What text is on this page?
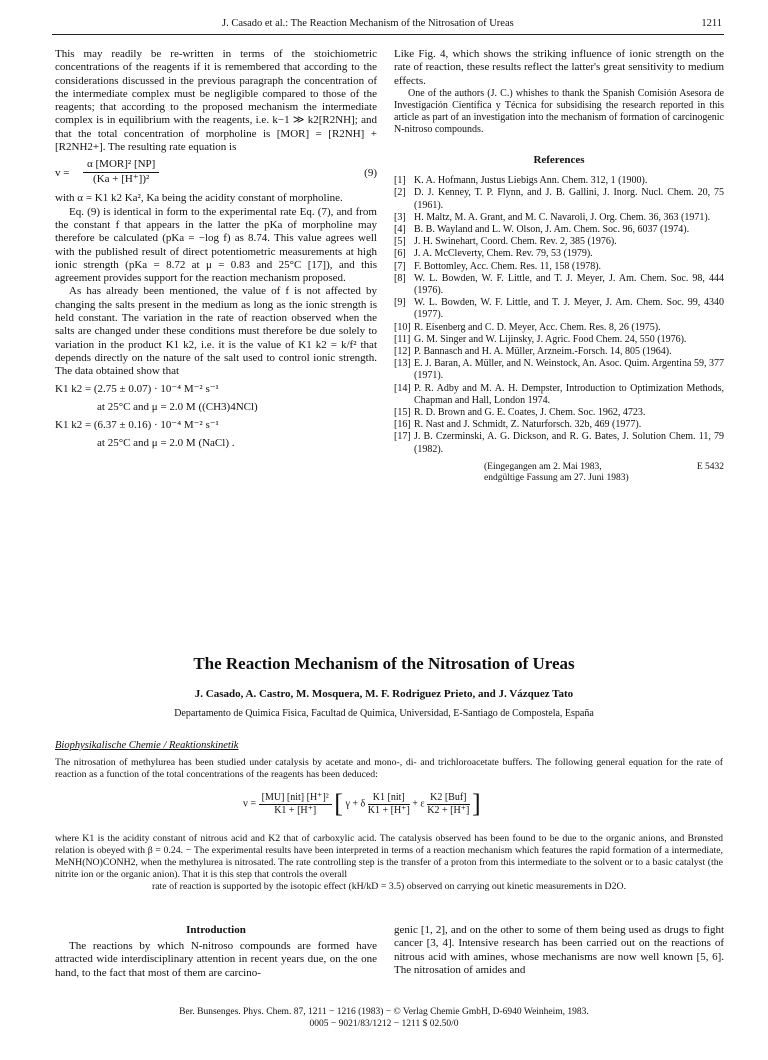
J. Casado et al.: The Reaction Mechanism of the Nitrosation of Ureas	1211

This may readily be re-written in terms of the stoichiometric concentrations of the reagents if it is remembered that according to the considerations discussed in the previous paragraph the concentration of the intermediate complex must be negligible compared to those of the reagents; that according to the proposed mechanism the intermediate complex is in equilibrium with the reagents, i.e. k−1 ≫ k2[R2NH]; and that the total concentration of morpholine is [MOR] = [R2NH] + [R2NH2+]. The resulting rate equation is

v =
α [MOR]² [NP]
(Ka + [H⁺])²	(9)

with α = K1 k2 Ka², Ka being the acidity constant of morpholine.

Eq. (9) is identical in form to the experimental rate Eq. (7), and from the constant f that appears in the latter the pKa of morpholine may therefore be calculated (pKa = −log f) as 8.74. This value agrees well with the published result of direct potentiometric measurements at high ionic strength (pKa = 8.72 at μ = 0.83 and 25°C [17]), and this agreement provides support for the reaction mechanism proposed.

As has already been mentioned, the value of f is not affected by changing the salts present in the medium as long as the ionic strength is held constant. The variation in the rate of reaction observed when the salts are changed under these conditions must therefore be due solely to variation in the product K1 k2, i.e. it is the value of K1 k2 = k/f² that depends directly on the nature of the salt used to control ionic strength. The data obtained show that

K1 k2 = (2.75 ± 0.07) · 10⁻⁴ M⁻² s⁻¹
at 25°C and μ = 2.0 M ((CH3)4NCl)
K1 k2 = (6.37 ± 0.16) · 10⁻⁴ M⁻² s⁻¹
at 25°C and μ = 2.0 M (NaCl) .

Like Fig. 4, which shows the striking influence of ionic strength on the rate of reaction, these results reflect the latter's great sensitivity to medium effects.

One of the authors (J. C.) whishes to thank the Spanish Comisión Asesora de Investigación Científica y Técnica for subsidising the research reported in this article as part of an investigation into the mechanism of formation of carcinogenic N-nitroso compounds.

References
[1] K. A. Hofmann, Justus Liebigs Ann. Chem. 312, 1 (1900).
[2] D. J. Kenney, T. P. Flynn, and J. B. Gallini, J. Inorg. Nucl. Chem. 20, 75 (1961).
[3] H. Maltz, M. A. Grant, and M. C. Navaroli, J. Org. Chem. 36, 363 (1971).
[4] B. B. Wayland and L. W. Olson, J. Am. Chem. Soc. 96, 6037 (1974).
[5] J. H. Swinehart, Coord. Chem. Rev. 2, 385 (1976).
[6] J. A. McCleverty, Chem. Rev. 79, 53 (1979).
[7] F. Bottomley, Acc. Chem. Res. 11, 158 (1978).
[8] W. L. Bowden, W. F. Little, and T. J. Meyer, J. Am. Chem. Soc. 98, 444 (1976).
[9] W. L. Bowden, W. F. Little, and T. J. Meyer, J. Am. Chem. Soc. 99, 4340 (1977).
[10] R. Eisenberg and C. D. Meyer, Acc. Chem. Res. 8, 26 (1975).
[11] G. M. Singer and W. Lijinsky, J. Agric. Food Chem. 24, 550 (1976).
[12] P. Bannasch and H. A. Müller, Arzneim.-Forsch. 14, 805 (1964).
[13] E. J. Baran, A. Müller, and N. Weinstock, An. Asoc. Quim. Argentina 59, 377 (1971).
[14] P. R. Adby and M. A. H. Dempster, Introduction to Optimization Methods, Chapman and Hall, London 1974.
[15] R. D. Brown and G. E. Coates, J. Chem. Soc. 1962, 4723.
[16] R. Nast and J. Schmidt, Z. Naturforsch. 32b, 469 (1977).
[17] J. B. Czerminski, A. G. Dickson, and R. G. Bates, J. Solution Chem. 11, 79 (1982).
(Eingegangen am 2. Mai 1983,
endgültige Fassung am 27. Juni 1983)
E 5432
The Reaction Mechanism of the Nitrosation of Ureas
J. Casado, A. Castro, M. Mosquera, M. F. Rodriguez Prieto, and J. Vázquez Tato
Departamento de Quimica Fisica, Facultad de Quimica, Universidad, E-Santiago de Compostela, España
Biophysikalische Chemie / Reaktionskinetik

The nitrosation of methylurea has been studied under catalysis by acetate and mono-, di- and trichloroacetate buffers. The following general equation for the rate of reaction as a function of the total concentrations of the reagents has been deduced:

v =
[MU] [nit] [H⁺]²
K1 + [H⁺] [ γ + δ
K1 [nit]
K1 + [H⁺]
+ ε
K2 [Buf]
K2 + [H⁺] ]

where K1 is the acidity constant of nitrous acid and K2 that of carboxylic acid. The catalysis observed has been found to be due to the organic anions, and Brønsted relation is obeyed with β = 0.24. − The experimental results have been interpreted in terms of a reaction mechanism which features the rapid formation of a intermediate, MeNH(NO)CONH2, when the methylurea is nitrosated. The rate controlling step is the transfer of a proton from this intermediate to the solvent or to a basic catalyst (the nitrite ion or the organic anion). That it is this step that controls the overall
rate of reaction is supported by the isotopic effect (kH/kD = 3.5) observed on carrying out kinetic measurements in D2O.

Introduction
The reactions by which N-nitroso compounds are formed have attracted wide interdisciplinary attention in recent years due, on the one hand, to the fact that most of them are carcino-
genic [1, 2], and on the other to some of them being used as drugs to fight cancer [3, 4]. Intensive research has been carried out on the reactions of nitrous acid with amines, whose mechanisms are now well known [5, 6]. The nitrosation of amides and
Ber. Bunsenges. Phys. Chem. 87, 1211 − 1216 (1983) − © Verlag Chemie GmbH, D-6940 Weinheim, 1983.
0005 − 9021/83/1212 − 1211 $ 02.50/0
